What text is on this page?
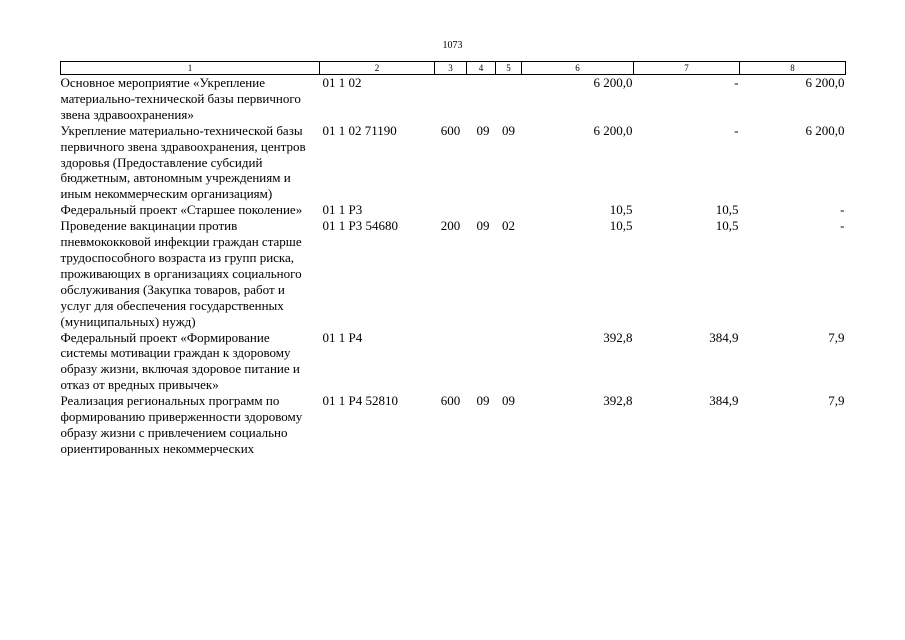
1073
1	2	3	4	5	6	7	8
Основное мероприятие «Укрепление материально-технической базы первичного звена здравоохранения»	01 1 02				6 200,0	-	6 200,0
Укрепление материально-технической базы первичного звена здравоохранения, центров здоровья (Предоставление субсидий бюджетным, автономным учреждениям и иным некоммерческим организациям)	01 1 02 71190	600	09	09	6 200,0	-	6 200,0
Федеральный проект «Старшее поколение»	01 1 P3				10,5	10,5	-
Проведение вакцинации против пневмококковой инфекции граждан старше трудоспособного возраста из групп риска, проживающих в организациях социального обслуживания (Закупка товаров, работ и услуг для обеспечения государственных (муниципальных) нужд)	01 1 P3 54680	200	09	02	10,5	10,5	-
Федеральный проект «Формирование системы мотивации граждан к здоровому образу жизни, включая здоровое питание и отказ от вредных привычек»	01 1 P4				392,8	384,9	7,9
Реализация региональных программ по формированию приверженности здоровому образу жизни с привлечением социально ориентированных некоммерческих	01 1 P4 52810	600	09	09	392,8	384,9	7,9
